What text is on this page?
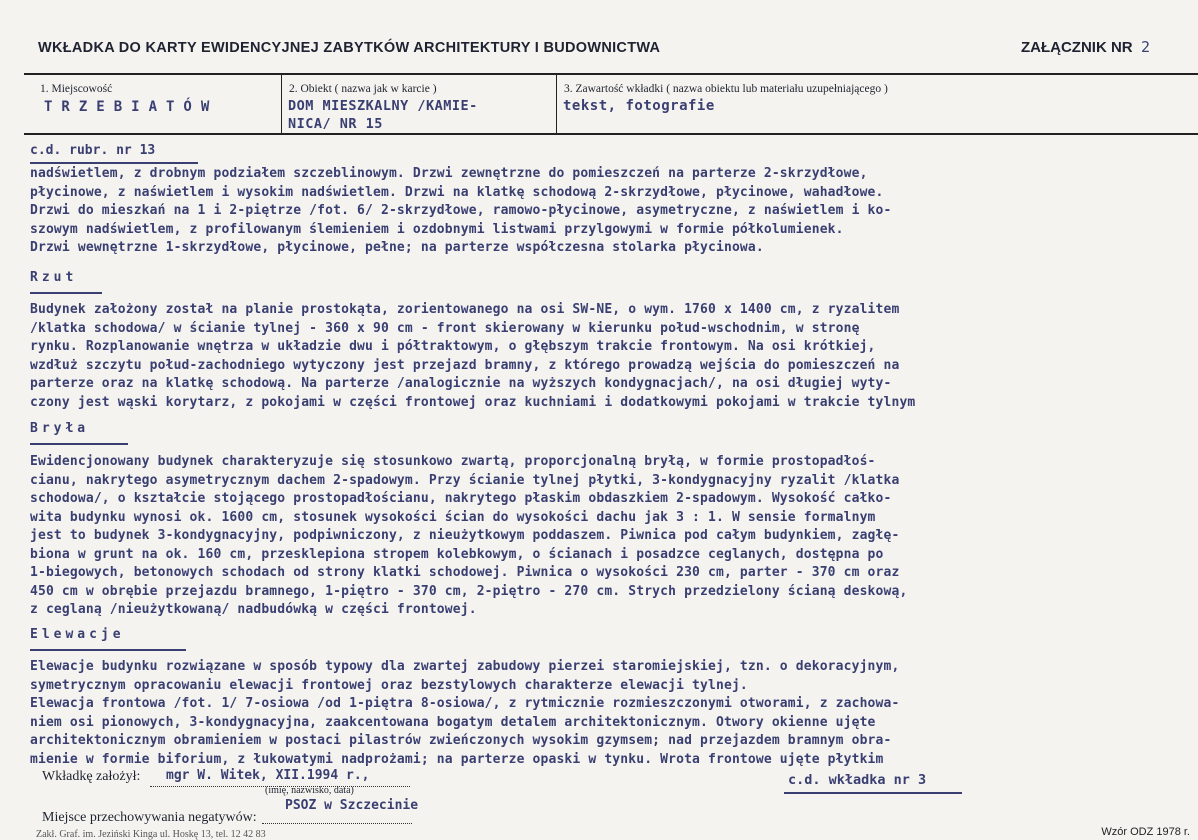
WKŁADKA DO KARTY EWIDENCYJNEJ ZABYTKÓW ARCHITEKTURY I BUDOWNICTWA	ZAŁĄCZNIK NR 2
1. Miejscowość
TRZEBIATÓW
2. Obiekt ( nazwa jak w karcie )
DOM MIESZKALNY /KAMIE-
NICA/ NR 15
3. Zawartość wkładki ( nazwa obiektu lub materiału uzupełniającego )
tekst, fotografie
c.d. rubr. nr 13
nadświetlem, z drobnym podziałem szczeblinowym. Drzwi zewnętrzne do pomieszczeń na parterze 2-skrzydłowe,
płycinowe, z naświetlem i wysokim nadświetlem. Drzwi na klatkę schodową 2-skrzydłowe, płycinowe, wahadłowe.
Drzwi do mieszkań na 1 i 2-piętrze /fot. 6/ 2-skrzydłowe, ramowo-płycinowe, asymetryczne, z naświetlem i ko-
szowym nadświetlem, z profilowanym ślemieniem i ozdobnymi listwami przylgowymi w formie półkolumienek.
Drzwi wewnętrzne 1-skrzydłowe, płycinowe, pełne; na parterze współczesna stolarka płycinowa.
Rzut
Budynek założony został na planie prostokąta, zorientowanego na osi SW-NE, o wym. 1760 x 1400 cm, z ryzalitem
/klatka schodowa/ w ścianie tylnej - 360 x 90 cm - front skierowany w kierunku połud-wschodnim, w stronę
rynku. Rozplanowanie wnętrza w układzie dwu i półtraktowym, o głębszym trakcie frontowym. Na osi krótkiej,
wzdłuż szczytu połud-zachodniego wytyczony jest przejazd bramny, z którego prowadzą wejścia do pomieszczeń na
parterze oraz na klatkę schodową. Na parterze /analogicznie na wyższych kondygnacjach/, na osi długiej wyty-
czony jest wąski korytarz, z pokojami w części frontowej oraz kuchniami i dodatkowymi pokojami w trakcie tylnym
Bryła
Ewidencjonowany budynek charakteryzuje się stosunkowo zwartą, proporcjonalną bryłą, w formie prostopadłoś-
cianu, nakrytego asymetrycznym dachem 2-spadowym. Przy ścianie tylnej płytki, 3-kondygnacyjny ryzalit /klatka
schodowa/, o kształcie stojącego prostopadłościanu, nakrytego płaskim obdaszkiem 2-spadowym. Wysokość całko-
wita budynku wynosi ok. 1600 cm, stosunek wysokości ścian do wysokości dachu jak 3 : 1. W sensie formalnym
jest to budynek 3-kondygnacyjny, podpiwniczony, z nieużytkowym poddaszem. Piwnica pod całym budynkiem, zagłę-
biona w grunt na ok. 160 cm, przesklepiona stropem kolebkowym, o ścianach i posadzce ceglanych, dostępna po
1-biegowych, betonowych schodach od strony klatki schodowej. Piwnica o wysokości 230 cm, parter - 370 cm oraz
450 cm w obrębie przejazdu bramnego, 1-piętro - 370 cm, 2-piętro - 270 cm. Strych przedzielony ścianą deskową,
z ceglaną /nieużytkowaną/ nadbudówką w części frontowej.
Elewacje
Elewacje budynku rozwiązane w sposób typowy dla zwartej zabudowy pierzei staromiejskiej, tzn. o dekoracyjnym,
symetrycznym opracowaniu elewacji frontowej oraz bezstylowych charakterze elewacji tylnej.
Elewacja frontowa /fot. 1/ 7-osiowa /od 1-piętra 8-osiowa/, z rytmicznie rozmieszczonymi otworami, z zachowa-
niem osi pionowych, 3-kondygnacyjna, zaakcentowana bogatym detalem architektonicznym. Otwory okienne ujęte
architektonicznym obramieniem w postaci pilastrów zwieńczonych wysokim gzymsem; nad przejazdem bramnym obra-
mienie w formie biforium, z łukowatymi nadprożami; na parterze opaski w tynku. Wrota frontowe ujęte płytkim
Wkładkę założył: mgr W. Witek, XII.1994 r.,
(imię, nazwisko, data)
c.d. wkładka nr 3
PSOZ w Szczecinie
Miejsce przechowywania negatywów:
Zakł. Graf. im. Jeziński Kinga ul. Hoskę 13, tel. 12 42 83	Wzór ODZ 1978 r.
